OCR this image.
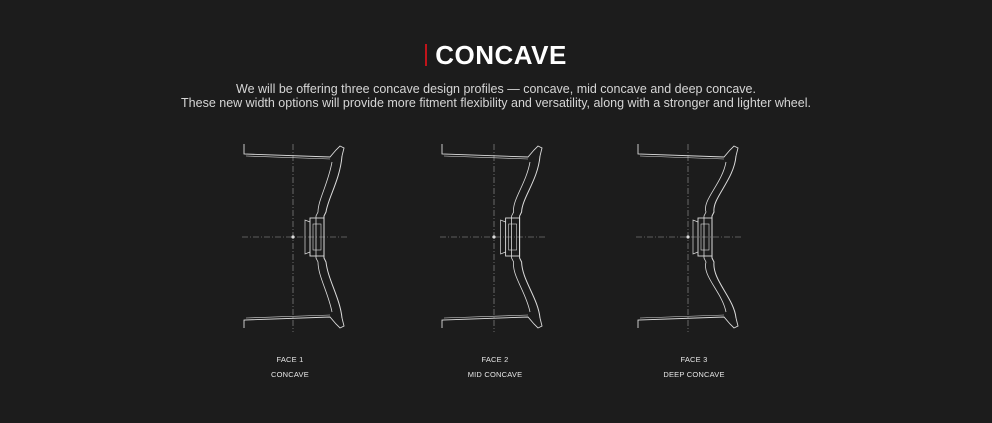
CONCAVE
We will be offering three concave design profiles — concave, mid concave and deep concave.
These new width options will provide more fitment flexibility and versatility, along with a stronger and lighter wheel.
FACE 1
CONCAVE
FACE 2
MID CONCAVE
FACE 3
DEEP CONCAVE
